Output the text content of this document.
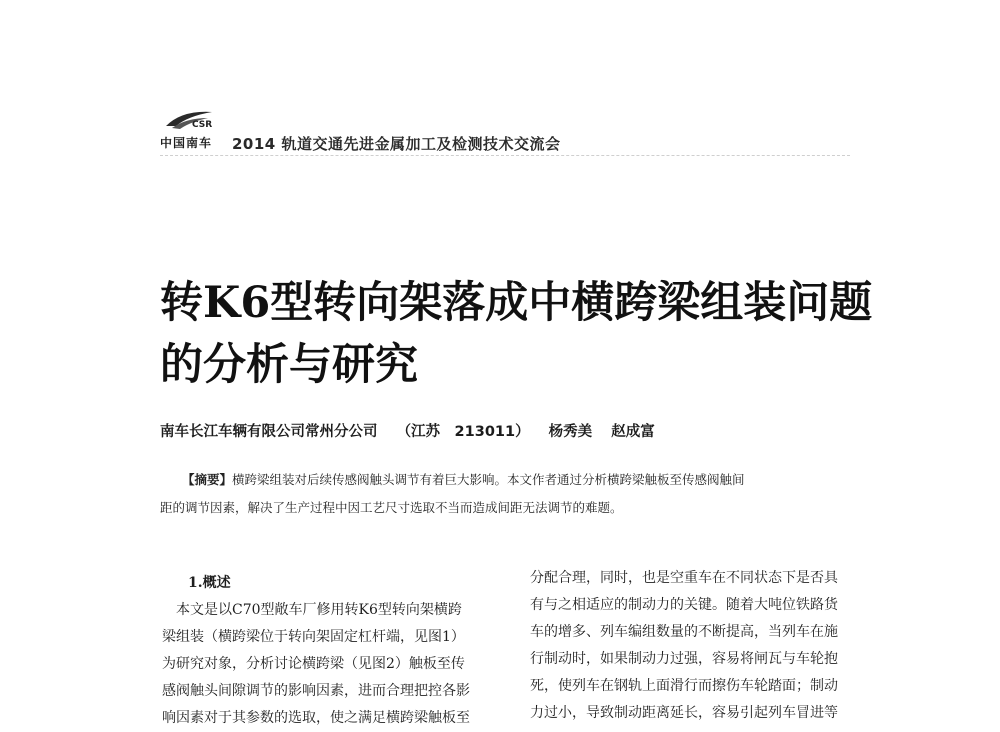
CSR
中国南车 2014 轨道交通先进金属加工及检测技术交流会
转K6型转向架落成中横跨梁组装问题
的分析与研究
南车长江车辆有限公司常州分公司 （江苏　213011） 杨秀美 赵成富
【摘要】横跨梁组装对后续传感阀触头调节有着巨大影响。本文作者通过分析横跨梁触板至传感阀触间
距的调节因素，解决了生产过程中因工艺尺寸选取不当而造成间距无法调节的难题。
1.概述
　本文是以C70型敞车厂修用转K6型转向架横跨
梁组装（横跨梁位于转向架固定杠杆端，见图1）
为研究对象，分析讨论横跨梁（见图2）触板至传
感阀触头间隙调节的影响因素，进而合理把控各影
响因素对于其参数的选取，使之满足横跨梁触板至
分配合理，同时，也是空重车在不同状态下是否具
有与之相适应的制动力的关键。随着大吨位铁路货
车的增多、列车编组数量的不断提高，当列车在施
行制动时，如果制动力过强，容易将闸瓦与车轮抱
死，使列车在钢轨上面滑行而擦伤车轮踏面；制动
力过小，导致制动距离延长，容易引起列车冒进等
